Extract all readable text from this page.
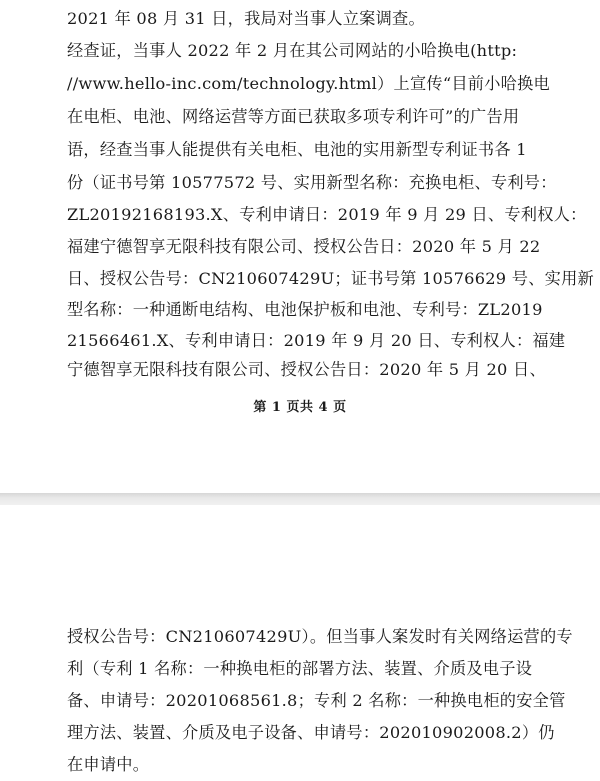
2021 年 08 月 31 日，我局对当事人立案调查。

经查证，当事人 2022 年 2 月在其公司网站的小哈换电(http:

//www.hello-inc.com/technology.html）上宣传“目前小哈换电

在电柜、电池、网络运营等方面已获取多项专利许可”的广告用

语，经查当事人能提供有关电柜、电池的实用新型专利证书各 1

份（证书号第 10577572 号、实用新型名称：充换电柜、专利号：

ZL20192168193.X、专利申请日：2019 年 9 月 29 日、专利权人：

福建宁德智享无限科技有限公司、授权公告日：2020 年 5 月 22

日、授权公告号：CN210607429U；证书号第 10576629 号、实用新

型名称：一种通断电结构、电池保护板和电池、专利号：ZL2019

21566461.X、专利申请日：2019 年 9 月 20 日、专利权人：福建

宁德智享无限科技有限公司、授权公告日：2020 年 5 月 20 日、

第 1 页共 4 页

授权公告号：CN210607429U）。但当事人案发时有关网络运营的专

利（专利 1 名称：一种换电柜的部署方法、装置、介质及电子设

备、申请号：20201068561.8；专利 2 名称：一种换电柜的安全管

理方法、装置、介质及电子设备、申请号：202010902008.2）仍

在申请中。
